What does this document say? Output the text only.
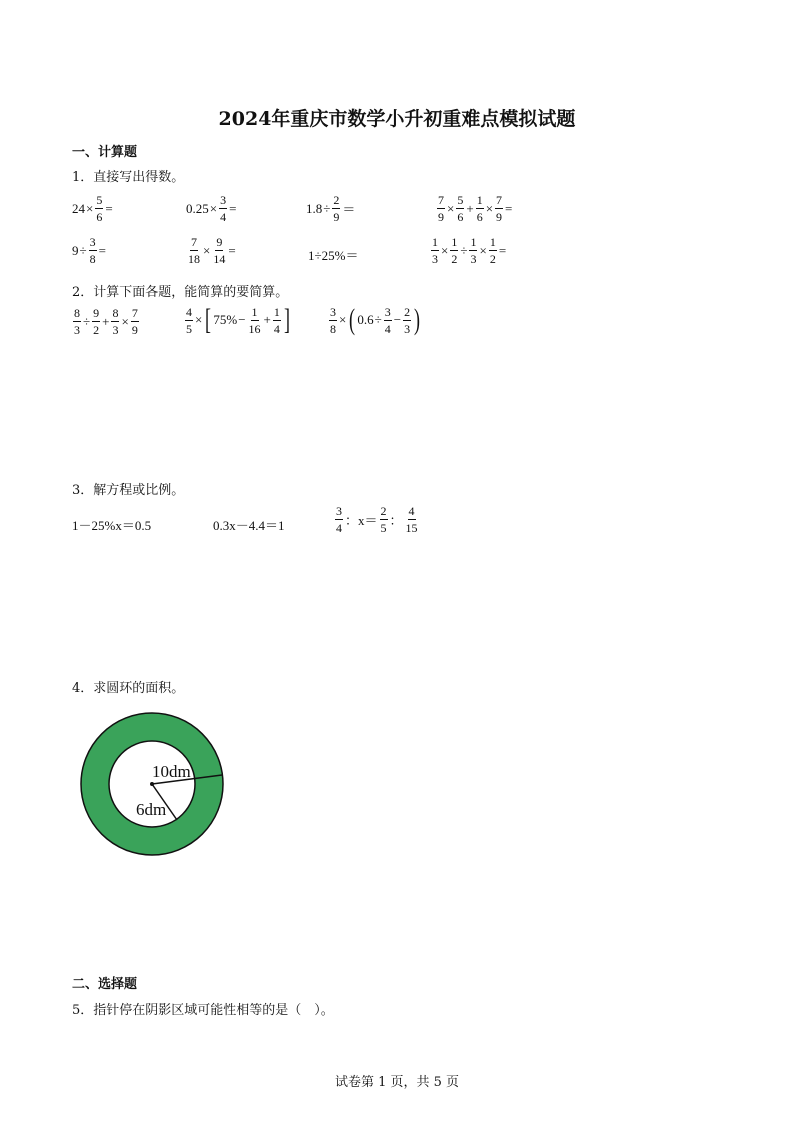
2024年重庆市数学小升初重难点模拟试题
一、计算题
1．直接写出得数。
$24 \times \frac{5}{6}$ =	$0.25 \times \frac{3}{4}$ =	$1.8 \div \frac{2}{9}$ ＝	$\frac{7}{9} \times \frac{5}{6} + \frac{1}{6} \times \frac{7}{9}$ =
$9 \div \frac{3}{8}$ =	$\frac{7}{18} \times \frac{9}{14}$ =	1÷25%＝	$\frac{1}{3} \times \frac{1}{2} \div \frac{1}{3} \times \frac{1}{2}$ =
2．计算下面各题，能简算的要简算。
$\frac{8}{3} \div \frac{9}{2} + \frac{8}{3} \times \frac{7}{9}$	$\frac{4}{5}$ × [ $75\% - \frac{1}{16} + \frac{1}{4}$ ]	$\frac{3}{8}$ × ( $0.6 \div \frac{3}{4} - \frac{2}{3}$ )
3．解方程或比例。
1－25%x＝0.5	0.3x－4.4＝1	$\frac{3}{4}$ ：$x= \frac{2}{5}$ ： $\frac{4}{15}$
4．求圆环的面积。
10dm
6dm
二、选择题
5．指针停在阴影区域可能性相等的是（　）。
试卷第 1 页，共 5 页
